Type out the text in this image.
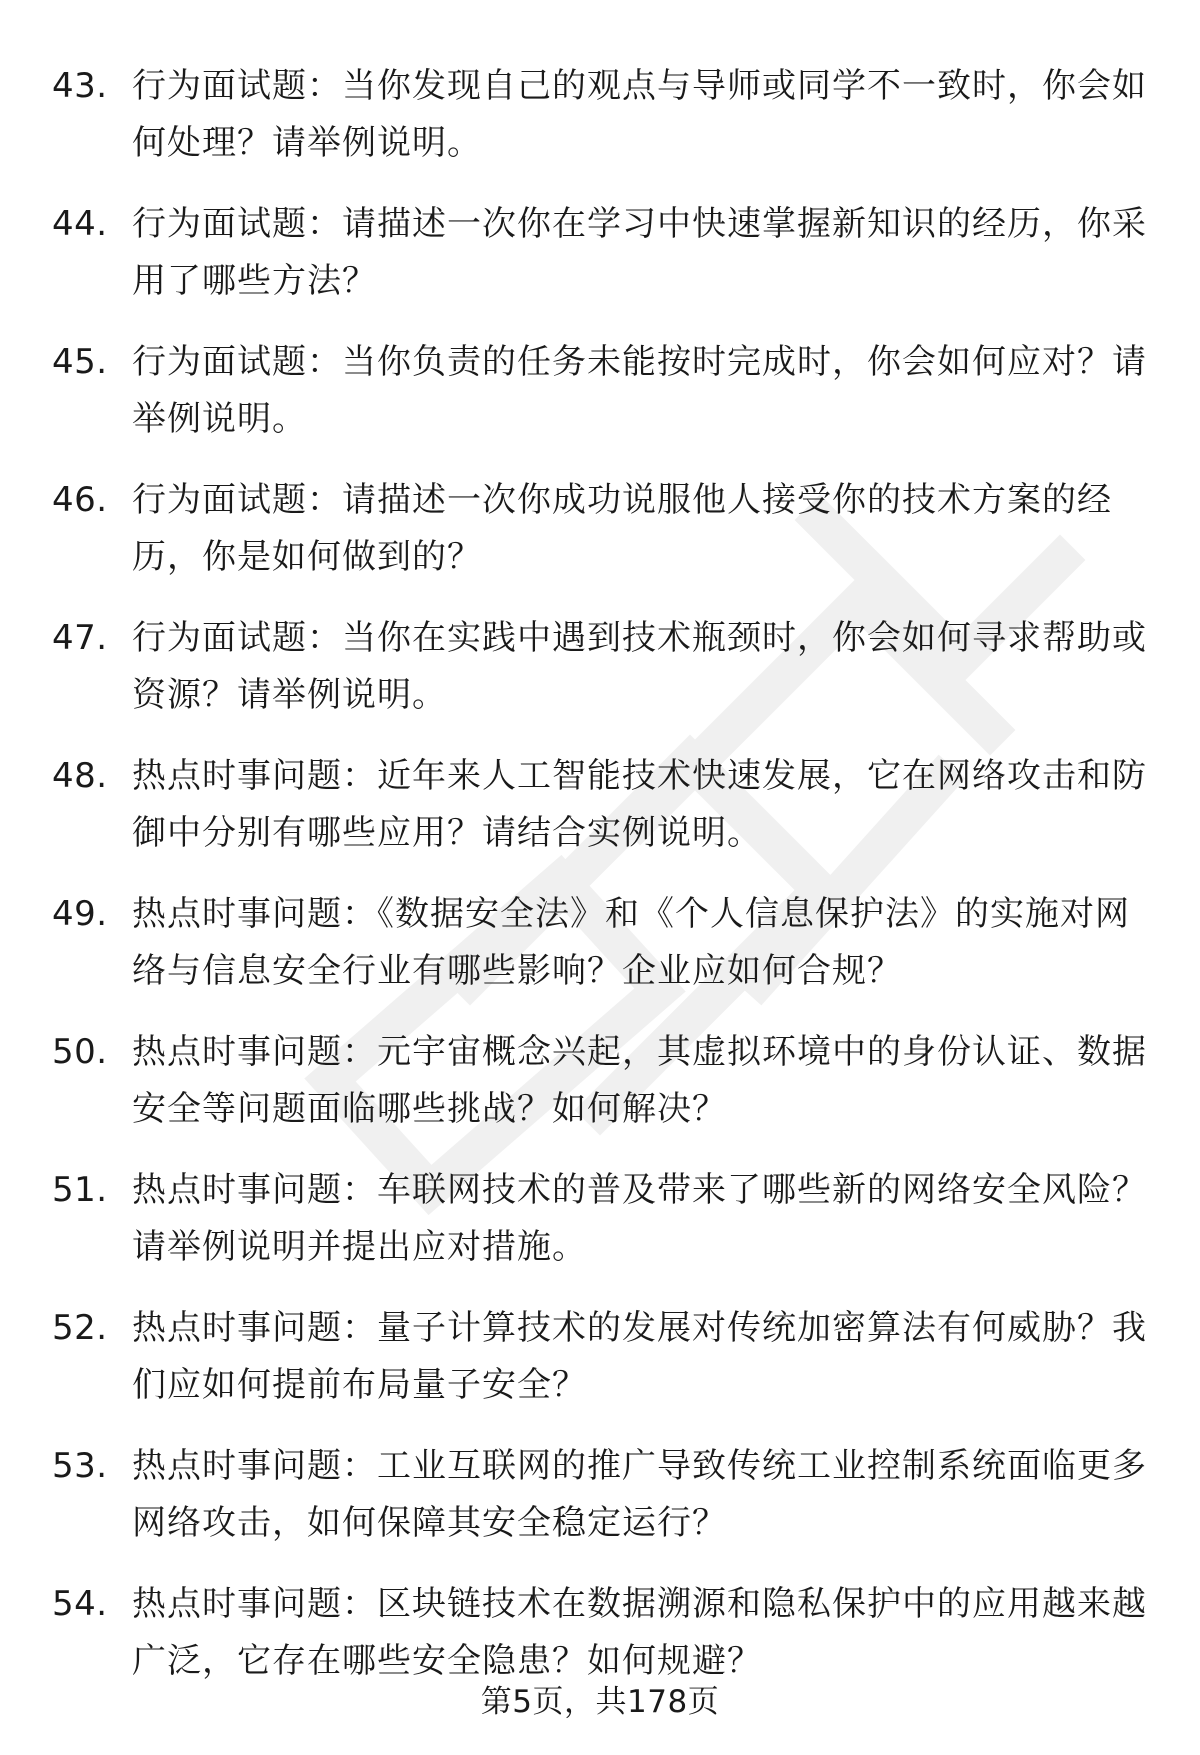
43. 行为面试题：当你发现自己的观点与导师或同学不一致时，你会如何处理？请举例说明。
44. 行为面试题：请描述一次你在学习中快速掌握新知识的经历，你采用了哪些方法？
45. 行为面试题：当你负责的任务未能按时完成时，你会如何应对？请举例说明。
46. 行为面试题：请描述一次你成功说服他人接受你的技术方案的经历，你是如何做到的？
47. 行为面试题：当你在实践中遇到技术瓶颈时，你会如何寻求帮助或资源？请举例说明。
48. 热点时事问题：近年来人工智能技术快速发展，它在网络攻击和防御中分别有哪些应用？请结合实例说明。
49. 热点时事问题：《数据安全法》和《个人信息保护法》的实施对网络与信息安全行业有哪些影响？企业应如何合规？
50. 热点时事问题：元宇宙概念兴起，其虚拟环境中的身份认证、数据安全等问题面临哪些挑战？如何解决？
51. 热点时事问题：车联网技术的普及带来了哪些新的网络安全风险？请举例说明并提出应对措施。
52. 热点时事问题：量子计算技术的发展对传统加密算法有何威胁？我们应如何提前布局量子安全？
53. 热点时事问题：工业互联网的推广导致传统工业控制系统面临更多网络攻击，如何保障其安全稳定运行？
54. 热点时事问题：区块链技术在数据溯源和隐私保护中的应用越来越广泛，它存在哪些安全隐患？如何规避？
第5页，共178页
